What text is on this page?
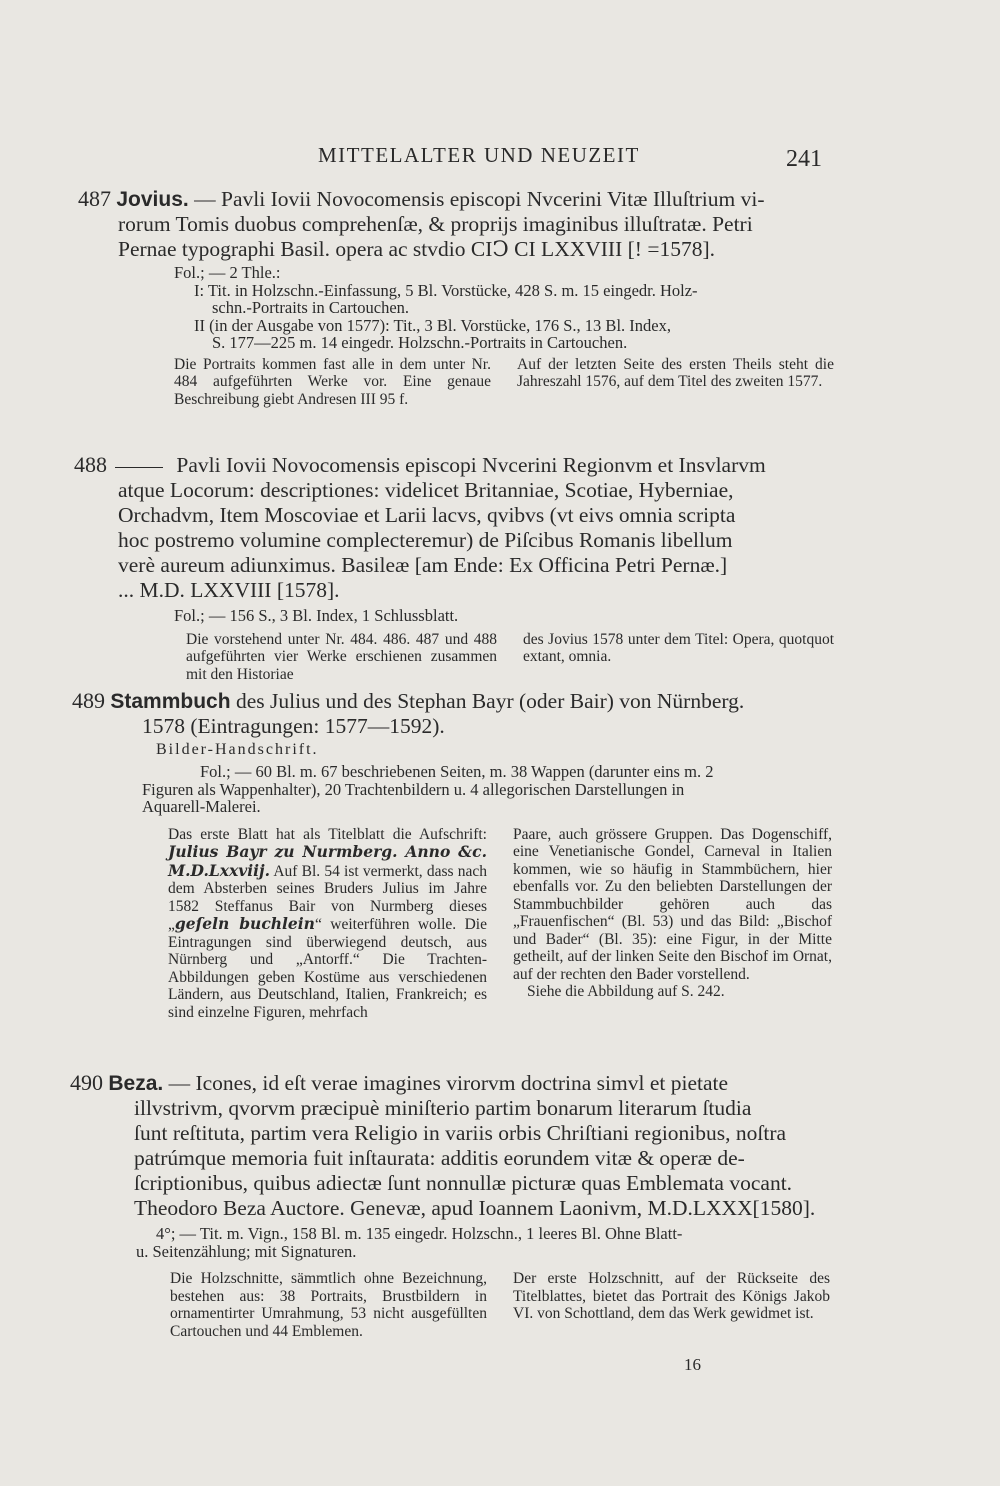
MITTELALTER UND NEUZEIT	241

487 Jovius. — Pavli Iovii Novocomensis episcopi Nvcerini Vitæ Illuſtrium vi-

rorum Tomis duobus comprehenſæ, & proprijs imaginibus illuſtratæ. Petri

Pernae typographi Basil. opera ac stvdio CIↃ CI LXXVIII [! =1578].

Fol.; — 2 Thle.:

I: Tit. in Holzschn.-Einfassung, 5 Bl. Vorstücke, 428 S. m. 15 eingedr. Holz-

schn.-Portraits in Cartouchen.

II (in der Ausgabe von 1577): Tit., 3 Bl. Vorstücke, 176 S., 13 Bl. Index,

S. 177—225 m. 14 eingedr. Holzschn.-Portraits in Cartouchen.

Die Portraits kommen fast alle in dem unter Nr. 484 aufgeführten Werke vor. Eine genaue Beschreibung giebt Andresen III 95 f.
Auf der letzten Seite des ersten Theils steht die Jahreszahl 1576, auf dem Titel des zweiten 1577.

488	Pavli Iovii Novocomensis episcopi Nvcerini Regionvm et Insvlarvm

atque Locorum: descriptiones: videlicet Britanniae, Scotiae, Hyberniae,

Orchadvm, Item Moscoviae et Larii lacvs, qvibvs (vt eivs omnia scripta

hoc postremo volumine complecteremur) de Piſcibus Romanis libellum

verè aureum adiunximus. Basileæ [am Ende: Ex Officina Petri Pernæ.]

... M.D. LXXVIII [1578].

Fol.; — 156 S., 3 Bl. Index, 1 Schlussblatt.

Die vorstehend unter Nr. 484. 486. 487 und 488 aufgeführten vier Werke erschienen zusammen mit den Historiae
des Jovius 1578 unter dem Titel: Opera, quotquot extant, omnia.

489 Stammbuch des Julius und des Stephan Bayr (oder Bair) von Nürnberg.

1578 (Eintragungen: 1577—1592).

Bilder-Handschrift.

Fol.; — 60 Bl. m. 67 beschriebenen Seiten, m. 38 Wappen (darunter eins m. 2

Figuren als Wappenhalter), 20 Trachtenbildern u. 4 allegorischen Darstellungen in

Aquarell-Malerei.

Das erste Blatt hat als Titelblatt die Aufschrift: Julius Bayr zu Nurmberg. Anno &c. M.D.Lxxviij. Auf Bl. 54 ist vermerkt, dass nach dem Absterben seines Bruders Julius im Jahre 1582 Steffanus Bair von Nurmberg dieses „geſeln buchlein“ weiterführen wolle. Die Eintragungen sind überwiegend deutsch, aus Nürnberg und „Antorff.“ Die Trachten-Abbildungen geben Kostüme aus verschiedenen Ländern, aus Deutschland, Italien, Frankreich; es sind einzelne Figuren, mehrfach
Paare, auch grössere Gruppen. Das Dogenschiff, eine Venetianische Gondel, Carneval in Italien kommen, wie so häufig in Stammbüchern, hier ebenfalls vor. Zu den beliebten Darstellungen der Stammbuchbilder gehören auch das „Frauenfischen“ (Bl. 53) und das Bild: „Bischof und Bader“ (Bl. 35): eine Figur, in der Mitte getheilt, auf der linken Seite den Bischof im Ornat, auf der rechten den Bader vorstellend.
Siehe die Abbildung auf S. 242.

490 Beza. — Icones, id eſt verae imagines virorvm doctrina simvl et pietate

illvstrivm, qvorvm præcipuè miniſterio partim bonarum literarum ſtudia

ſunt reſtituta, partim vera Religio in variis orbis Chriſtiani regionibus, noſtra

patrúmque memoria fuit inſtaurata: additis eorundem vitæ & operæ de-

ſcriptionibus, quibus adiectæ ſunt nonnullæ picturæ quas Emblemata vocant.

Theodoro Beza Auctore. Genevæ, apud Ioannem Laonivm, M.D.LXXX[1580].

4°; — Tit. m. Vign., 158 Bl. m. 135 eingedr. Holzschn., 1 leeres Bl. Ohne Blatt-

u. Seitenzählung; mit Signaturen.

Die Holzschnitte, sämmtlich ohne Bezeichnung, bestehen aus: 38 Portraits, Brustbildern in ornamentirter Umrahmung, 53 nicht ausgefüllten Cartouchen und 44 Emblemen.
Der erste Holzschnitt, auf der Rückseite des Titelblattes, bietet das Portrait des Königs Jakob VI. von Schottland, dem das Werk gewidmet ist.
16
